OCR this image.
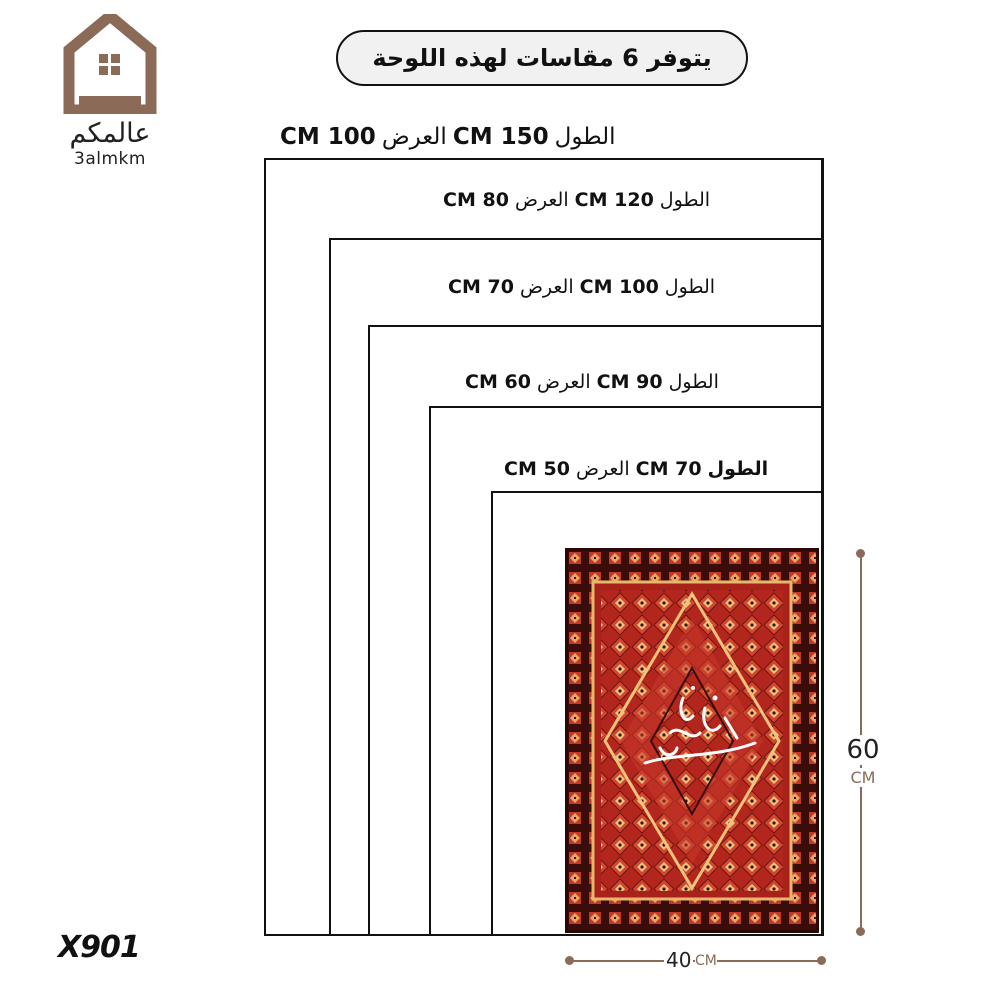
عالمكم
3almkm
يتوفر 6 مقاسات لهذه اللوحة
الطول
150 CM
العرض
100 CM
الطول
120 CM
العرض
80 CM
الطول
100 CM
العرض
70 CM
الطول
90 CM
العرض
60 CM
الطول
70 CM
العرض
50 CM
60
CM
40 CM
X901
